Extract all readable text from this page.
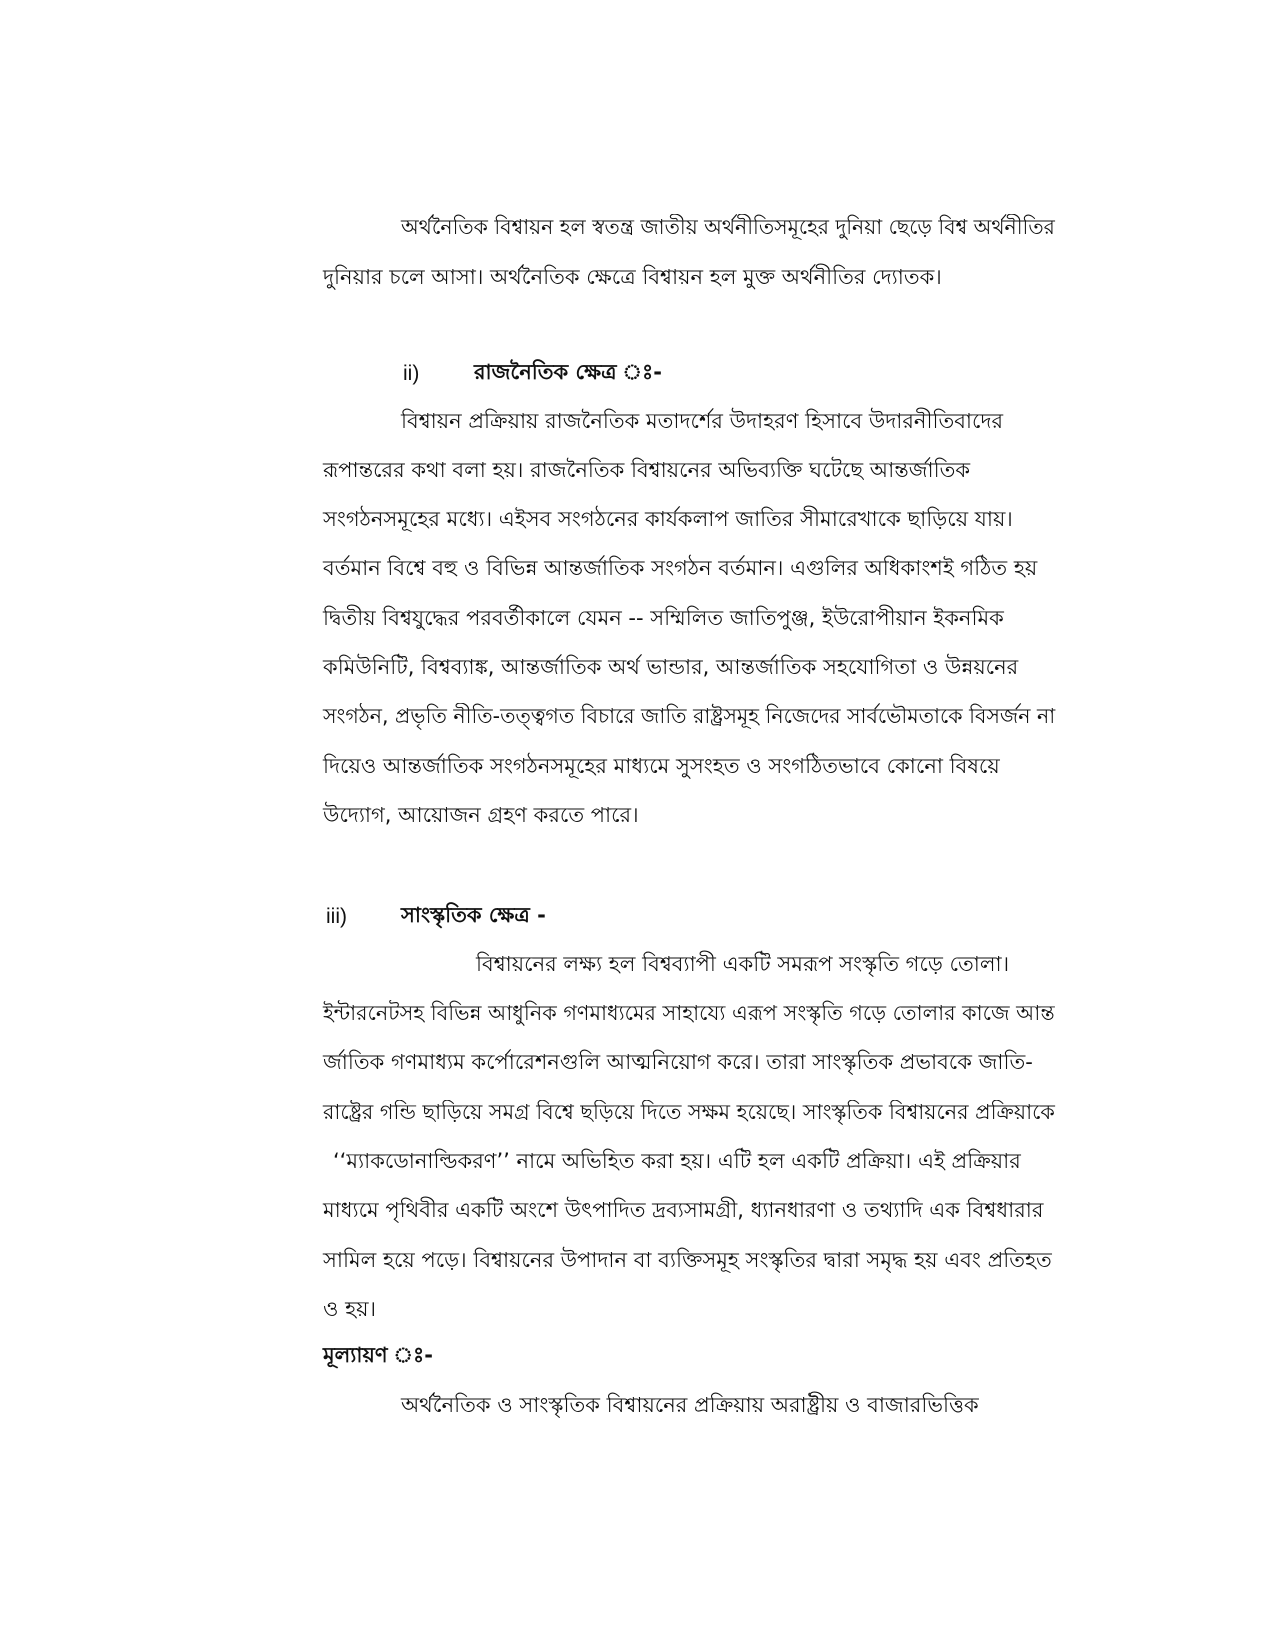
অর্থনৈতিক বিশ্বায়ন হল স্বতন্ত্র জাতীয় অর্থনীতিসমূহের দুনিয়া ছেড়ে বিশ্ব অর্থনীতির
দুনিয়ার চলে আসা। অর্থনৈতিক ক্ষেত্রে বিশ্বায়ন হল মুক্ত অর্থনীতির দ্যোতক।
ii)	রাজনৈতিক ক্ষেত্র ঃ-
বিশ্বায়ন প্রক্রিয়ায় রাজনৈতিক মতাদর্শের উদাহরণ হিসাবে উদারনীতিবাদের
রূপান্তরের কথা বলা হয়। রাজনৈতিক বিশ্বায়নের অভিব্যক্তি ঘটেছে আন্তর্জাতিক
সংগঠনসমূহের মধ্যে। এইসব সংগঠনের কার্যকলাপ জাতির সীমারেখাকে ছাড়িয়ে যায়।
বর্তমান বিশ্বে বহু ও বিভিন্ন আন্তর্জাতিক সংগঠন বর্তমান। এগুলির অধিকাংশই গঠিত হয়
দ্বিতীয় বিশ্বযুদ্ধের পরবর্তীকালে যেমন -- সম্মিলিত জাতিপুঞ্জ, ইউরোপীয়ান ইকনমিক
কমিউনিটি, বিশ্বব্যাঙ্ক, আন্তর্জাতিক অর্থ ভান্ডার, আন্তর্জাতিক সহযোগিতা ও উন্নয়নের
সংগঠন, প্রভৃতি নীতি-তত্ত্বগত বিচারে জাতি রাষ্ট্রসমূহ নিজেদের সার্বভৌমতাকে বিসর্জন না
দিয়েও আন্তর্জাতিক সংগঠনসমূহের মাধ্যমে সুসংহত ও সংগঠিতভাবে কোনো বিষয়ে
উদ্যোগ, আয়োজন গ্রহণ করতে পারে।
iii)	সাংস্কৃতিক ক্ষেত্র -
বিশ্বায়নের লক্ষ্য হল বিশ্বব্যাপী একটি সমরূপ সংস্কৃতি গড়ে তোলা।
ইন্টারনেটসহ বিভিন্ন আধুনিক গণমাধ্যমের সাহায্যে এরূপ সংস্কৃতি গড়ে তোলার কাজে আন্ত
র্জাতিক গণমাধ্যম কর্পোরেশনগুলি আত্মনিয়োগ করে। তারা সাংস্কৃতিক প্রভাবকে জাতি-
রাষ্ট্রের গন্ডি ছাড়িয়ে সমগ্র বিশ্বে ছড়িয়ে দিতে সক্ষম হয়েছে। সাংস্কৃতিক বিশ্বায়নের প্রক্রিয়াকে
‘‘ম্যাকডোনাল্ডিকরণ’’ নামে অভিহিত করা হয়। এটি হল একটি প্রক্রিয়া। এই প্রক্রিয়ার
মাধ্যমে পৃথিবীর একটি অংশে উৎপাদিত দ্রব্যসামগ্রী, ধ্যানধারণা ও তথ্যাদি এক বিশ্বধারার
সামিল হয়ে পড়ে। বিশ্বায়নের উপাদান বা ব্যক্তিসমূহ সংস্কৃতির দ্বারা সমৃদ্ধ হয় এবং প্রতিহত
ও হয়।
মূল্যায়ণ ঃ-
অর্থনৈতিক ও সাংস্কৃতিক বিশ্বায়নের প্রক্রিয়ায় অরাষ্ট্রীয় ও বাজারভিত্তিক
